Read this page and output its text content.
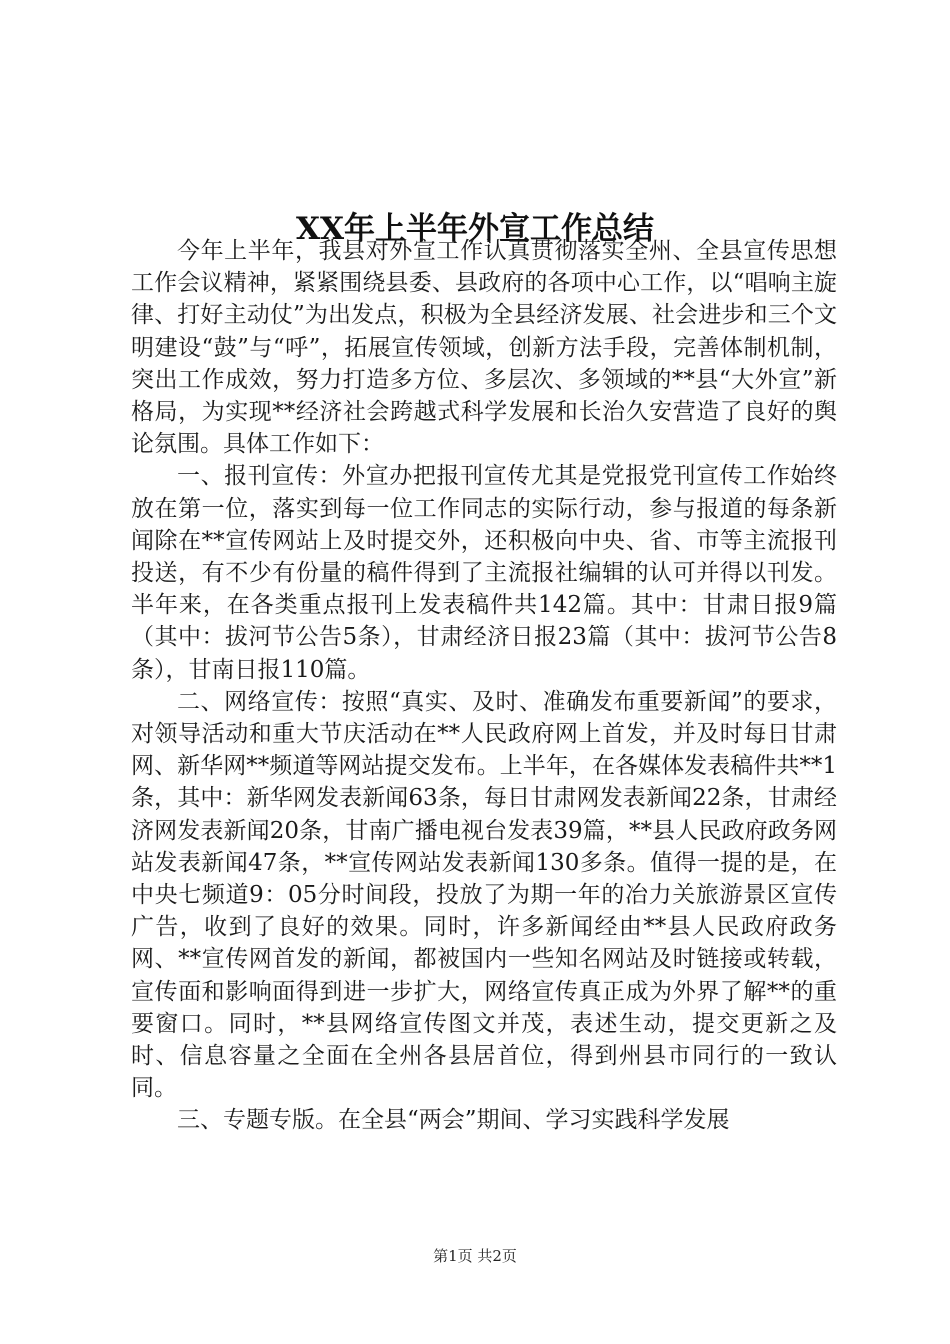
XX年上半年外宣工作总结

今年上半年，我县对外宣工作认真贯彻落实全州、全县宣传思想工作会议精神，紧紧围绕县委、县政府的各项中心工作，以“唱响主旋律、打好主动仗”为出发点，积极为全县经济发展、社会进步和三个文明建设“鼓”与“呼”，拓展宣传领域，创新方法手段，完善体制机制，突出工作成效，努力打造多方位、多层次、多领域的**县“大外宣”新格局，为实现**经济社会跨越式科学发展和长治久安营造了良好的舆论氛围。具体工作如下：

一、报刊宣传：外宣办把报刊宣传尤其是党报党刊宣传工作始终放在第一位，落实到每一位工作同志的实际行动，参与报道的每条新闻除在**宣传网站上及时提交外，还积极向中央、省、市等主流报刊投送，有不少有份量的稿件得到了主流报社编辑的认可并得以刊发。半年来，在各类重点报刊上发表稿件共142篇。其中：甘肃日报9篇（其中：拔河节公告5条），甘肃经济日报23篇（其中：拔河节公告8条），甘南日报110篇。

二、网络宣传：按照“真实、及时、准确发布重要新闻”的要求，对领导活动和重大节庆活动在**人民政府网上首发，并及时每日甘肃网、新华网**频道等网站提交发布。上半年，在各媒体发表稿件共**1条，其中：新华网发表新闻63条，每日甘肃网发表新闻22条，甘肃经济网发表新闻20条，甘南广播电视台发表39篇，**县人民政府政务网站发表新闻47条，**宣传网站发表新闻130多条。值得一提的是，在中央七频道9：05分时间段，投放了为期一年的冶力关旅游景区宣传广告，收到了良好的效果。同时，许多新闻经由**县人民政府政务网、**宣传网首发的新闻，都被国内一些知名网站及时链接或转载，宣传面和影响面得到进一步扩大，网络宣传真正成为外界了解**的重要窗口。同时，**县网络宣传图文并茂，表述生动，提交更新之及时、信息容量之全面在全州各县居首位，得到州县市同行的一致认同。

三、专题专版。在全县“两会”期间、学习实践科学发展

第1页 共2页
